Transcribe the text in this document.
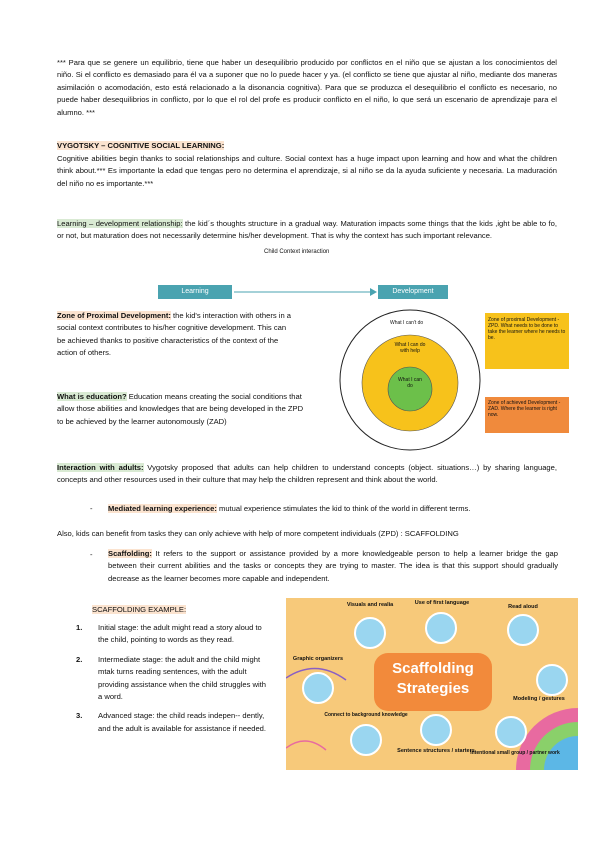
*** Para que se genere un equilibrio, tiene que haber un desequilibrio producido por conflictos en el niño que se ajustan a los conocimientos del niño. Si el conflicto es demasiado para él va a suponer que no lo puede hacer y ya. (el conflicto se tiene que ajustar al niño, mediante dos maneras asimilación o acomodación, esto está relacionado a la disonancia cognitiva). Para que se produzca el desequilibrio el conflicto es necesario, no puede haber desequilibrios in conflicto, por lo que el rol del profe es producir conflicto en el niño, lo que será un escenario de aprendizaje para el alumno. ***

VYGOTSKY – COGNITIVE SOCIAL LEARNING:

Cognitive abilities begin thanks to social relationships and culture. Social context has a huge impact upon learning and how and what the children think about.*** Es importante la edad que tengas pero no determina el aprendizaje, si al niño se da la ayuda suficiente y necesaria. La maduración del niño no es importante.***

Learning – development relationship: the kid´s thoughts structure in a gradual way. Maturation impacts some things that the kids ,ight be able to fo, or not, but maturation does not necessarily determine his/her development. That is why the context has such important relevance.

Child Context interaction
Learning	Development

Zone of Proximal Development: the kid's interaction with others in a social context contributes to his/her cognitive development. This can be achieved thanks to positive characteristics of the context of the action of others.

What is education? Education means creating the social conditions that allow those abilities and knowledges that are being developed in the ZPD to be achieved by the learner autonomously (ZAD)

What I can't do
What I can do with help
What I can do
Zone of proximal Development - ZPD. What needs to be done to take the learner where he needs to be.
Zone of achieved Development - ZAD. Where the learner is right now.

Interaction with adults: Vygotsky proposed that adults can help children to understand concepts (object. situations…) by sharing language, concepts and other resources used in their culture that may help the children represent and think about the world.

- Mediated learning experience: mutual experience stimulates the kid to think of the world in different terms.

Also, kids can benefit from tasks they can only achieve with help of more competent individuals (ZPD) : SCAFFOLDING

- Scaffolding: It refers to the support or assistance provided by a more knowledgeable person to help a learner bridge the gap between their current abilities and the tasks or concepts they are trying to master. The idea is that this support should gradually decrease as the learner becomes more capable and independent.

SCAFFOLDING EXAMPLE:
1. Initial stage: the adult might read a story aloud to the child, pointing to words as they read.
2. Intermediate stage: the adult and the child might mtak turns reading sentences, with the adult providing assistance when the child struggles with a word.
3. Advanced stage: the child reads indepen-- dently, and the adult is available for assistance if needed.
Scaffolding
Strategies
Visuals and realia	Use of first language
Read aloud
Graphic organizers
Modeling / gestures
Connect to background knowledge
Sentence structures / starters
Intentional small group / partner work
